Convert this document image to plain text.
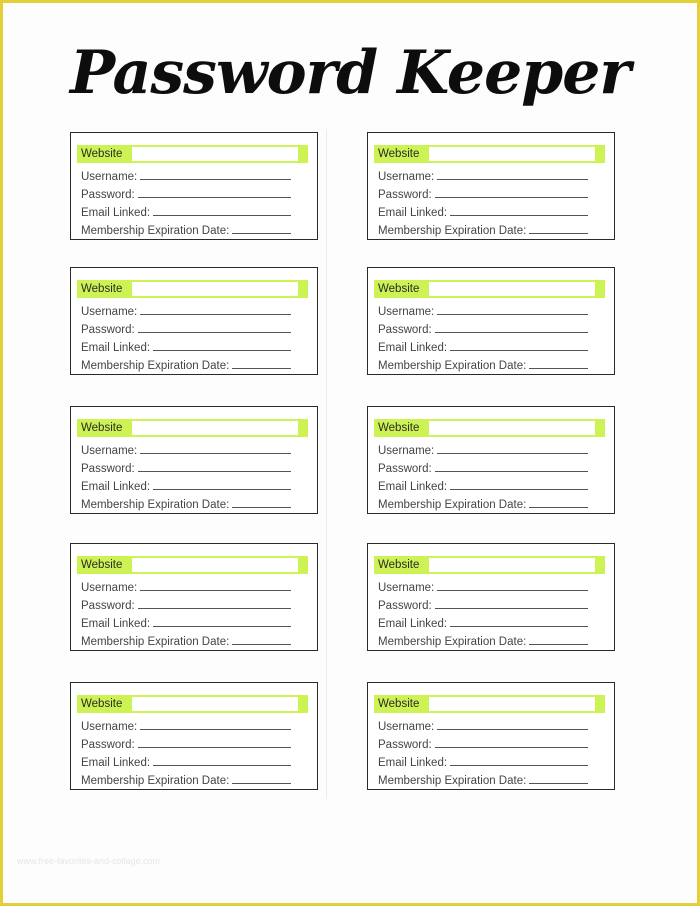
Password Keeper
Website
Username:
Password:
Email Linked:
Membership Expiration Date:
Website
Username:
Password:
Email Linked:
Membership Expiration Date:
Website
Username:
Password:
Email Linked:
Membership Expiration Date:
Website
Username:
Password:
Email Linked:
Membership Expiration Date:
Website
Username:
Password:
Email Linked:
Membership Expiration Date:
Website
Username:
Password:
Email Linked:
Membership Expiration Date:
Website
Username:
Password:
Email Linked:
Membership Expiration Date:
Website
Username:
Password:
Email Linked:
Membership Expiration Date:
Website
Username:
Password:
Email Linked:
Membership Expiration Date:
Website
Username:
Password:
Email Linked:
Membership Expiration Date:
www.free-favorites-and-collage.com
